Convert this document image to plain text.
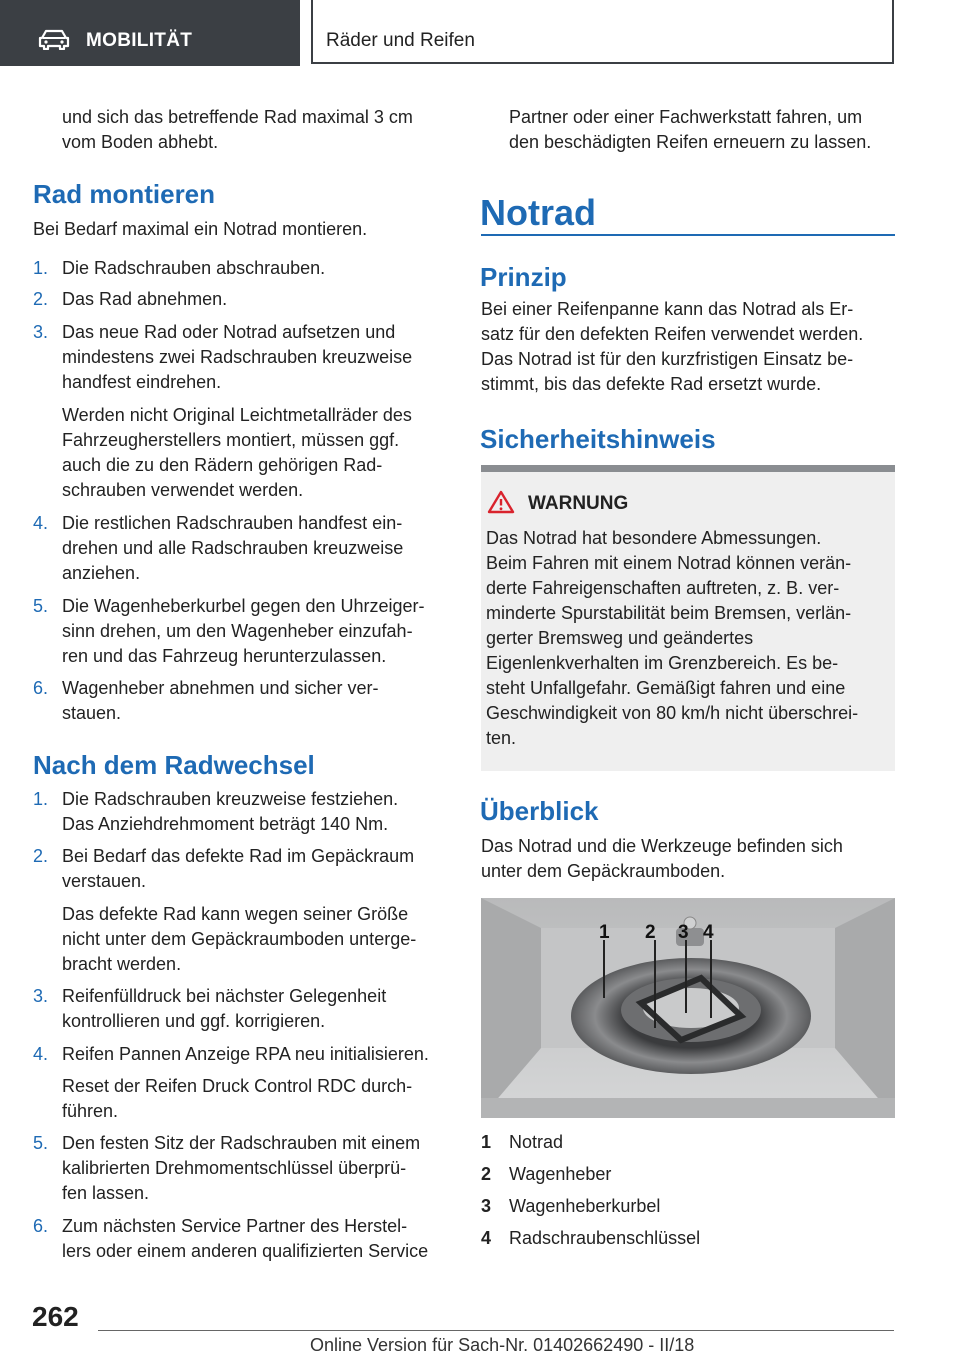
MOBILITÄT	Räder und Reifen

und sich das betreffende Rad maximal 3 cm

vom Boden abhebt.

Rad montieren

Bei Bedarf maximal ein Notrad montieren.

1. Die Radschrauben abschrauben.

2. Das Rad abnehmen.

3. Das neue Rad oder Notrad aufsetzen und

mindestens zwei Radschrauben kreuzweise

handfest eindrehen.

Werden nicht Original Leichtmetallräder des

Fahrzeugherstellers montiert, müssen ggf.

auch die zu den Rädern gehörigen Rad-

schrauben verwendet werden.

4. Die restlichen Radschrauben handfest ein-

drehen und alle Radschrauben kreuzweise

anziehen.

5. Die Wagenheberkurbel gegen den Uhrzeiger-

sinn drehen, um den Wagenheber einzufah-

ren und das Fahrzeug herunterzulassen.

6. Wagenheber abnehmen und sicher ver-

stauen.

Nach dem Radwechsel
1. Die Radschrauben kreuzweise festziehen.

Das Anziehdrehmoment beträgt 140 Nm.

2. Bei Bedarf das defekte Rad im Gepäckraum

verstauen.

Das defekte Rad kann wegen seiner Größe

nicht unter dem Gepäckraumboden unterge-

bracht werden.

3. Reifenfülldruck bei nächster Gelegenheit

kontrollieren und ggf. korrigieren.

4. Reifen Pannen Anzeige RPA neu initialisieren.

Reset der Reifen Druck Control RDC durch-

führen.

5. Den festen Sitz der Radschrauben mit einem

kalibrierten Drehmomentschlüssel überprü-

fen lassen.

6. Zum nächsten Service Partner des Herstel-

lers oder einem anderen qualifizierten Service

Partner oder einer Fachwerkstatt fahren, um

den beschädigten Reifen erneuern zu lassen.

Notrad
Prinzip

Bei einer Reifenpanne kann das Notrad als Er-

satz für den defekten Reifen verwendet werden.

Das Notrad ist für den kurzfristigen Einsatz be-

stimmt, bis das defekte Rad ersetzt wurde.

Sicherheitshinweis
WARNUNG

Das Notrad hat besondere Abmessungen.

Beim Fahren mit einem Notrad können verän-

derte Fahreigenschaften auftreten, z. B. ver-

minderte Spurstabilität beim Bremsen, verlän-

gerter Bremsweg und geändertes

Eigenlenkverhalten im Grenzbereich. Es be-

steht Unfallgefahr. Gemäßigt fahren und eine

Geschwindigkeit von 80 km/h nicht überschrei-

ten.

Überblick

Das Notrad und die Werkzeuge befinden sich

unter dem Gepäckraumboden.

1 2 3 4
1 Notrad
2 Wagenheber
3 Wagenheberkurbel
4 Radschraubenschlüssel
262
Online Version für Sach-Nr. 01402662490 - II/18
